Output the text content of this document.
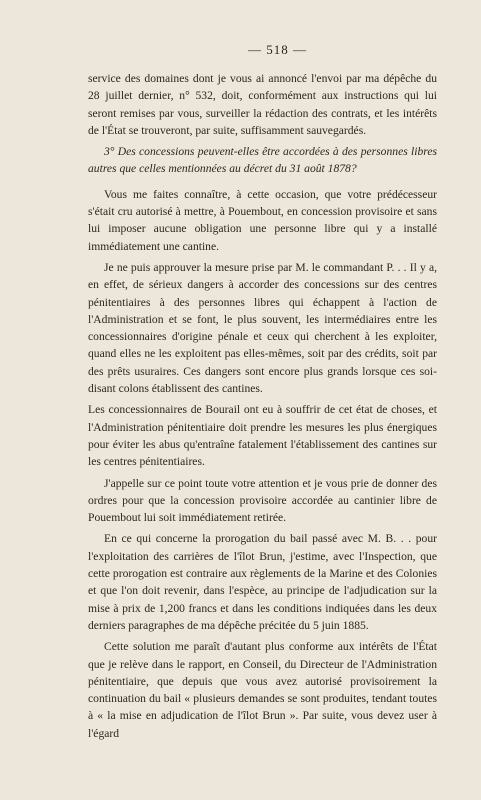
— 518 —

service des domaines dont je vous ai annoncé l'envoi par ma dépêche du 28 juillet dernier, n° 532, doit, conformément aux instructions qui lui seront remises par vous, surveiller la rédaction des contrats, et les intérêts de l'État se trouveront, par suite, suffisamment sauvegardés.

3° Des concessions peuvent-elles être accordées à des personnes libres autres que celles mentionnées au décret du 31 août 1878?

Vous me faites connaître, à cette occasion, que votre prédécesseur s'était cru autorisé à mettre, à Pouembout, en concession provisoire et sans lui imposer aucune obligation une personne libre qui y a installé immédiatement une cantine.

Je ne puis approuver la mesure prise par M. le commandant P. . . Il y a, en effet, de sérieux dangers à accorder des concessions sur des centres pénitentiaires à des personnes libres qui échappent à l'action de l'Administration et se font, le plus souvent, les intermédiaires entre les concessionnaires d'origine pénale et ceux qui cherchent à les exploiter, quand elles ne les exploitent pas elles-mêmes, soit par des crédits, soit par des prêts usuraires. Ces dangers sont encore plus grands lorsque ces soi-disant colons établissent des cantines.

Les concessionnaires de Bourail ont eu à souffrir de cet état de choses, et l'Administration pénitentiaire doit prendre les mesures les plus énergiques pour éviter les abus qu'entraîne fatalement l'établissement des cantines sur les centres pénitentiaires.

J'appelle sur ce point toute votre attention et je vous prie de donner des ordres pour que la concession provisoire accordée au cantinier libre de Pouembout lui soit immédiatement retirée.

En ce qui concerne la prorogation du bail passé avec M. B. . . pour l'exploitation des carrières de l'îlot Brun, j'estime, avec l'Inspection, que cette prorogation est contraire aux règlements de la Marine et des Colonies et que l'on doit revenir, dans l'espèce, au principe de l'adjudication sur la mise à prix de 1,200 francs et dans les conditions indiquées dans les deux derniers paragraphes de ma dépêche précitée du 5 juin 1885.

Cette solution me paraît d'autant plus conforme aux intérêts de l'État que je relève dans le rapport, en Conseil, du Directeur de l'Administration pénitentiaire, que depuis que vous avez autorisé provisoirement la continuation du bail « plusieurs demandes se sont produites, tendant toutes à « la mise en adjudication de l'îlot Brun ». Par suite, vous devez user à l'égard
